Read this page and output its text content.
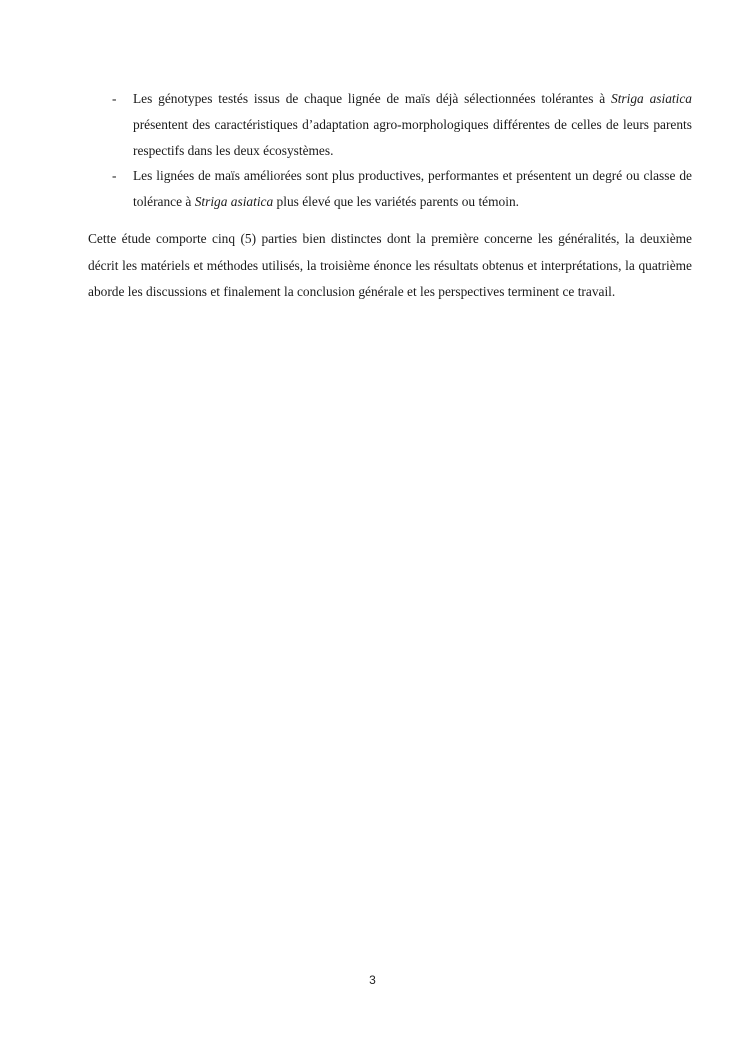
- Les génotypes testés issus de chaque lignée de maïs déjà sélectionnées tolérantes à Striga asiatica présentent des caractéristiques d’adaptation agro-morphologiques différentes de celles de leurs parents respectifs dans les deux écosystèmes.
- Les lignées de maïs améliorées sont plus productives, performantes et présentent un degré ou classe de tolérance à Striga asiatica plus élevé que les variétés parents ou témoin.

Cette étude comporte cinq (5) parties bien distinctes dont la première concerne les généralités, la deuxième décrit les matériels et méthodes utilisés, la troisième énonce les résultats obtenus et interprétations, la quatrième aborde les discussions et finalement la conclusion générale et les perspectives terminent ce travail.

3
